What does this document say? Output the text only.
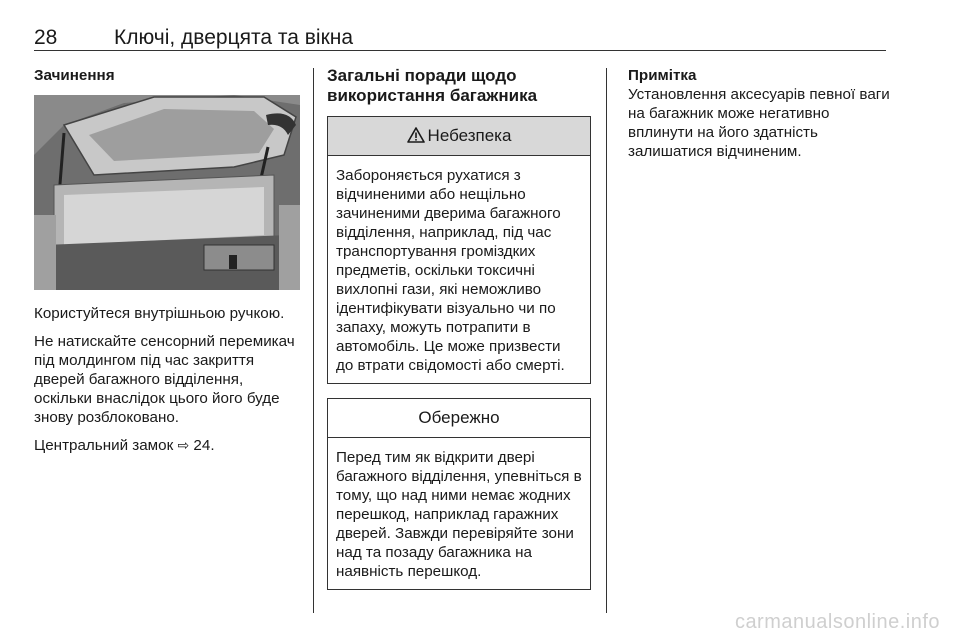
28	Ключі, дверцята та вікна
Зачинення

Користуйтеся внутрішньою ручкою.

Не натискайте сенсорний перемикач під молдингом під час закриття дверей багажного відділення, оскільки внаслідок цього його буде знову розблоковано.

Центральний замок ⇨ 24.

Загальні поради щодо використання багажника
Небезпека
Забороняється рухатися з відчиненими або нещільно зачиненими дверима багажного відділення, наприклад, під час транспортування громіздких предметів, оскільки токсичні вихлопні гази, які неможливо ідентифікувати візуально чи по запаху, можуть потрапити в автомобіль. Це може призвести до втрати свідомості або смерті.
Обережно
Перед тим як відкрити двері багажного відділення, упевніться в тому, що над ними немає жодних перешкод, наприклад гаражних дверей. Завжди перевіряйте зони над та позаду багажника на наявність перешкод.
Примітка

Установлення аксесуарів певної ваги на багажник може негативно вплинути на його здатність залишатися відчиненим.

carmanualsonline.info
